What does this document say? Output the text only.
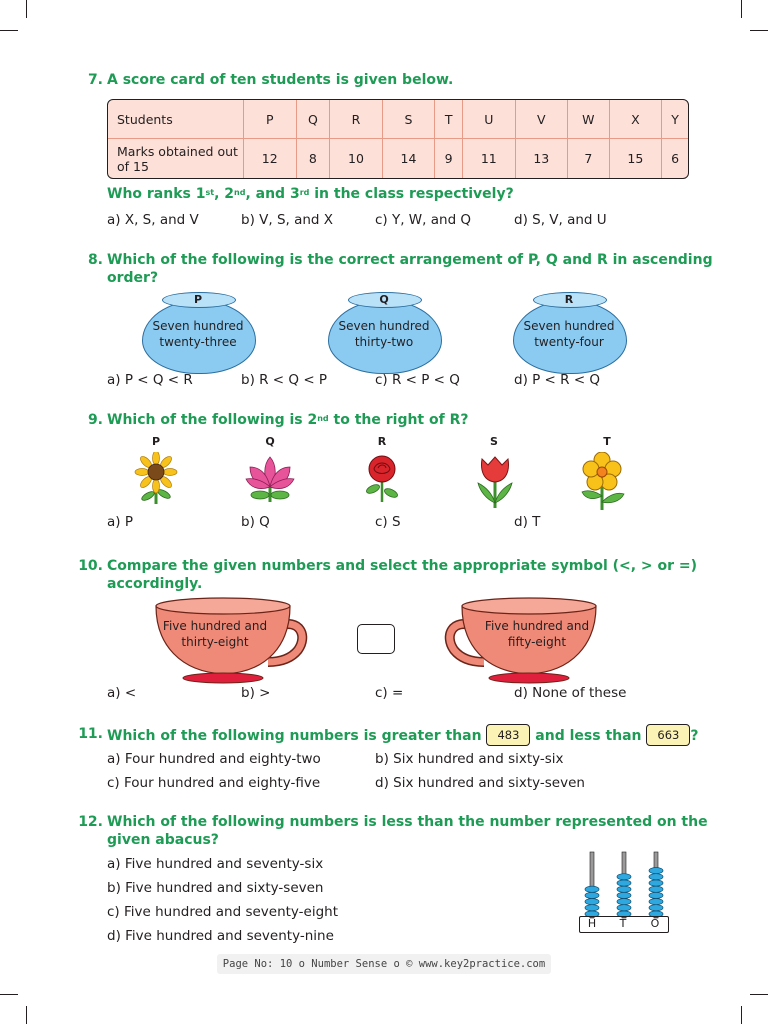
7. A score card of ten students is given below.
Students	P	Q	R	S	T	U	V	W	X	Y
Marks obtained out of 15	12	8	10	14	9	11	13	7	15	6
Who ranks 1st, 2nd, and 3rd in the class respectively?
a) X, S, and V	b) V, S, and X	c) Y, W, and Q	d) S, V, and U
8. Which of the following is the correct arrangement of P, Q and R in ascending
order?
P
Seven hundred twenty-three
Q
Seven hundred thirty-two
R
Seven hundred twenty-four
a) P < Q < R	b) R < Q < P	c) R < P < Q	d) P < R < Q
9. Which of the following is 2nd to the right of R?
P	Q	R	S	T
a) P	b) Q	c) S	d) T
10. Compare the given numbers and select the appropriate symbol (<, > or =)
accordingly.
Five hundred and thirty-eight
Five hundred and fifty-eight
a) <	b) >	c) =	d) None of these
11. Which of the following numbers is greater than 483 and less than 663 ?
a) Four hundred and eighty-two	b) Six hundred and sixty-six
c) Four hundred and eighty-five	d) Six hundred and sixty-seven
12. Which of the following numbers is less than the number represented on the
given abacus?
a) Five hundred and seventy-six
b) Five hundred and sixty-seven
c) Five hundred and seventy-eight
d) Five hundred and seventy-nine
H	T	O
Page No: 10 o Number Sense o © www.key2practice.com
